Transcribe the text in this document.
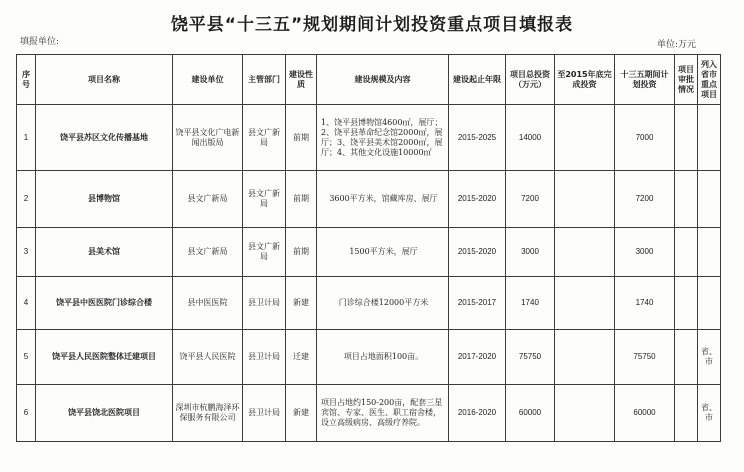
饶平县“十三五”规划期间计划投资重点项目填报表
填报单位:	单位:万元
序号	项目名称	建设单位	主管部门	建设性质	建设规模及内容	建设起止年限	项目总投资（万元）	至2015年底完成投资	十三五期间计划投资	项目审批情况	列入省市重点项目
1	饶平县苏区文化传播基地	饶平县文化广电新闻出版局	县文广新局	前期	1、饶平县博物馆4600㎡，展厅；2、饶平县革命纪念馆2000㎡，展厅；3、饶平县美术馆2000㎡，展厅；4、其他文化设施10000㎡	2015-2025	14000		7000		
2	县博物馆	县文广新局	县文广新局	前期	3600平方米，馆藏库房、展厅	2015-2020	7200		7200		
3	县美术馆	县文广新局	县文广新局	前期	1500平方米，展厅	2015-2020	3000		3000		
4	饶平县中医医院门诊综合楼	县中医医院	县卫计局	新建	门诊综合楼12000平方米	2015-2017	1740		1740		
5	饶平县人民医院整体迁建项目	饶平县人民医院	县卫计局	迁建	项目占地面积100亩。	2017-2020	75750		75750		省、市
6	饶平县饶北医院项目	深圳市杭鹏海泽环保服务有限公司	县卫计局	新建	项目占地约150-200亩，配套三星宾馆、专家、医生、职工宿舍楼，设立高级病房、高级疗养院。	2016-2020	60000		60000		省、市
